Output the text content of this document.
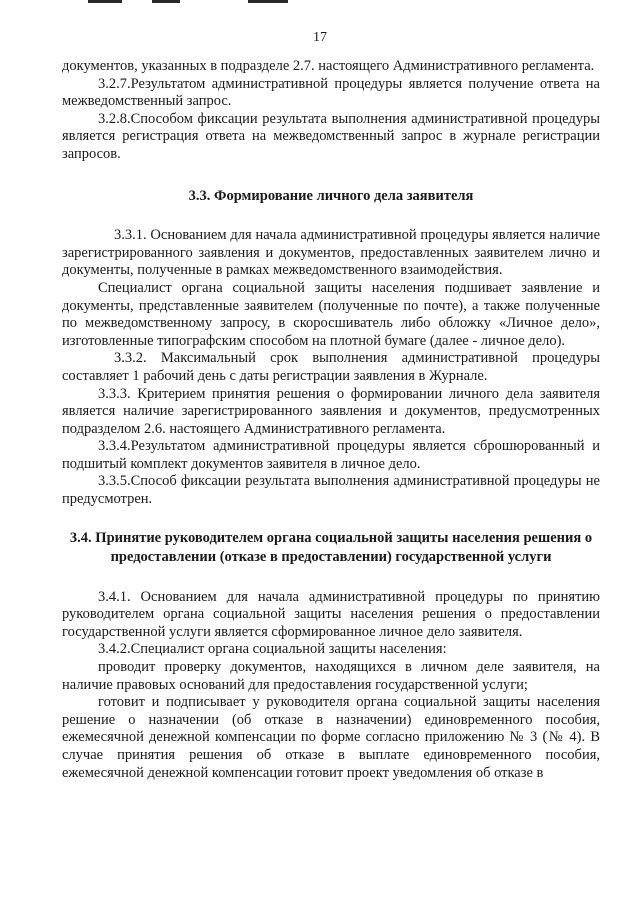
17

документов, указанных в подразделе 2.7. настоящего Административного регламента.

3.2.7.Результатом административной процедуры является получение ответа на межведомственный запрос.

3.2.8.Способом фиксации результата выполнения административной процедуры является регистрация ответа на межведомственный запрос в журнале регистрации запросов.

3.3. Формирование личного дела заявителя

3.3.1. Основанием для начала административной процедуры является наличие зарегистрированного заявления и документов, предоставленных заявителем лично и документы, полученные в рамках межведомственного взаимодействия.

Специалист органа социальной защиты населения подшивает заявление и документы, представленные заявителем (полученные по почте), а также полученные по межведомственному запросу, в скоросшиватель либо обложку «Личное дело», изготовленные типографским способом на плотной бумаге (далее - личное дело).

3.3.2. Максимальный срок выполнения административной процедуры составляет 1 рабочий день с даты регистрации заявления в Журнале.

3.3.3. Критерием принятия решения о формировании личного дела заявителя является наличие зарегистрированного заявления и документов, предусмотренных подразделом 2.6. настоящего Административного регламента.

3.3.4.Результатом административной процедуры является сброшюрованный и подшитый комплект документов заявителя в личное дело.

3.3.5.Способ фиксации результата выполнения административной процедуры не предусмотрен.

3.4. Принятие руководителем органа социальной защиты населения решения о предоставлении (отказе в предоставлении) государственной услуги

3.4.1. Основанием для начала административной процедуры по принятию руководителем органа социальной защиты населения решения о предоставлении государственной услуги является сформированное личное дело заявителя.

3.4.2.Специалист органа социальной защиты населения:

проводит проверку документов, находящихся в личном деле заявителя, на наличие правовых оснований для предоставления государственной услуги;

готовит и подписывает у руководителя органа социальной защиты населения решение о назначении (об отказе в назначении) единовременного пособия, ежемесячной денежной компенсации по форме согласно приложению № 3 (№ 4). В случае принятия решения об отказе в выплате единовременного пособия, ежемесячной денежной компенсации готовит проект уведомления об отказе в
